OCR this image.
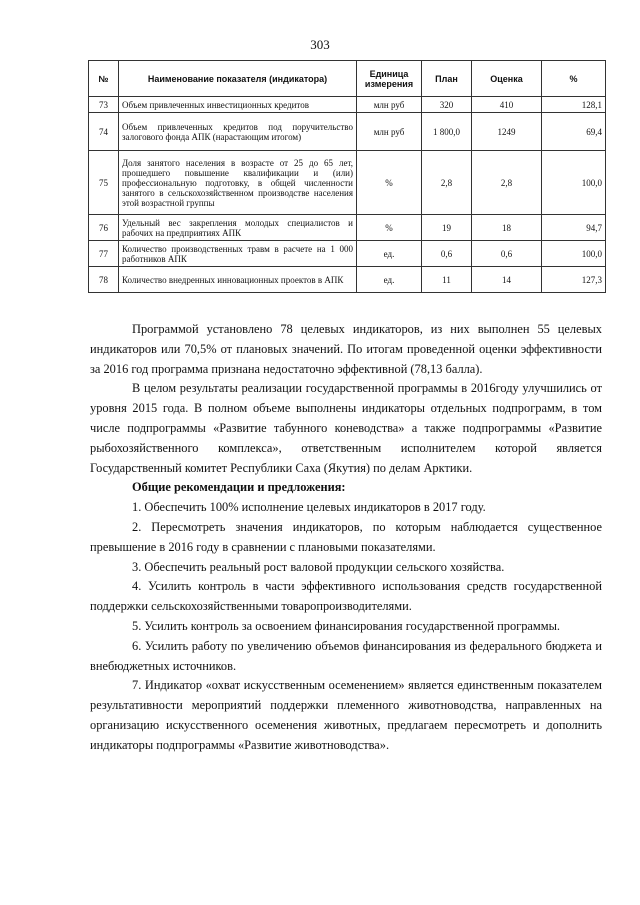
303
№	Наименование показателя (индикатора)	Единица измерения	План	Оценка	%
73	Объем привлеченных инвестиционных кредитов	млн руб	320	410	128,1
74	Объем привлеченных кредитов под поручительство залогового фонда АПК (нарастающим итогом)	млн руб	1 800,0	1249	69,4
75	Доля занятого населения в возрасте от 25 до 65 лет, прошедшего повышение квалификации и (или) профессиональную подготовку, в общей численности занятого в сельскохозяйственном производстве населения этой возрастной группы	%	2,8	2,8	100,0
76	Удельный вес закрепления молодых специалистов и рабочих на предприятиях АПК	%	19	18	94,7
77	Количество производственных травм в расчете на 1 000 работников АПК	ед.	0,6	0,6	100,0
78	Количество внедренных инновационных проектов в АПК	ед.	11	14	127,3

Программой установлено 78 целевых индикаторов, из них выполнен 55 целевых индикаторов или 70,5% от плановых значений. По итогам проведенной оценки эффективности за 2016 год программа признана недостаточно эффективной (78,13 балла).

В целом результаты реализации государственной программы в 2016году улучшились от уровня 2015 года. В полном объеме выполнены индикаторы отдельных подпрограмм, в том числе подпрограммы «Развитие табунного коневодства» а также подпрограммы «Развитие рыбохозяйственного комплекса», ответственным исполнителем которой является Государственный комитет Республики Саха (Якутия) по делам Арктики.

Общие рекомендации и предложения:

1. Обеспечить 100% исполнение целевых индикаторов в 2017 году.

2. Пересмотреть значения индикаторов, по которым наблюдается существенное превышение в 2016 году в сравнении с плановыми показателями.

3. Обеспечить реальный рост валовой продукции сельского хозяйства.

4. Усилить контроль в части эффективного использования средств государственной поддержки сельскохозяйственными товаропроизводителями.

5. Усилить контроль за освоением финансирования государственной программы.

6. Усилить работу по увеличению объемов финансирования из федерального бюджета и внебюджетных источников.

7. Индикатор «охват искусственным осеменением» является единственным показателем результативности мероприятий поддержки племенного животноводства, направленных на организацию искусственного осеменения животных, предлагаем пересмотреть и дополнить индикаторы подпрограммы «Развитие животноводства».
